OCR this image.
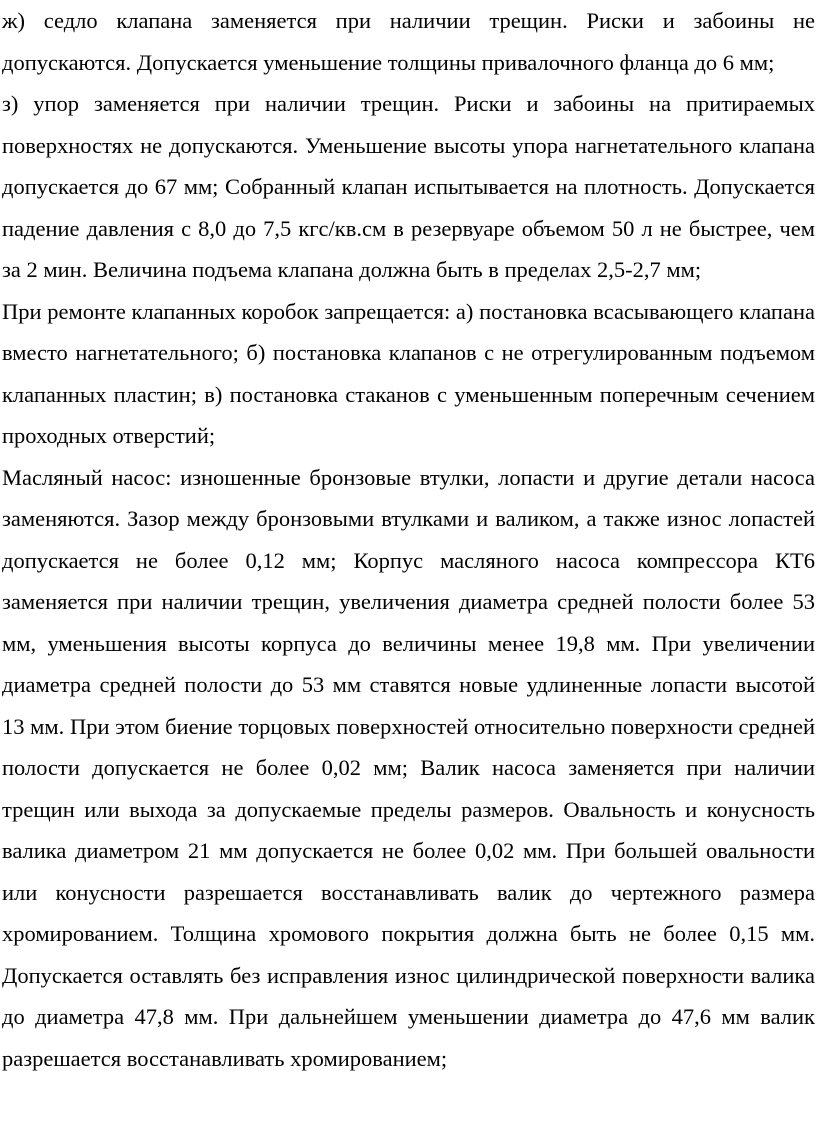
ж) седло клапана заменяется при наличии трещин. Риски и забоины не допускаются. Допускается уменьшение толщины привалочного фланца до 6 мм;

з) упор заменяется при наличии трещин. Риски и забоины на притираемых поверхностях не допускаются. Уменьшение высоты упора нагнетательного клапана допускается до 67 мм; Собранный клапан испытывается на плотность. Допускается падение давления с 8,0 до 7,5 кгс/кв.см в резервуаре объемом 50 л не быстрее, чем за 2 мин. Величина подъема клапана должна быть в пределах 2,5-2,7 мм;

При ремонте клапанных коробок запрещается: а) постановка всасывающего клапана вместо нагнетательного; б) постановка клапанов с не отрегулированным подъемом клапанных пластин; в) постановка стаканов с уменьшенным поперечным сечением проходных отверстий;

Масляный насос: изношенные бронзовые втулки, лопасти и другие детали насоса заменяются. Зазор между бронзовыми втулками и валиком, а также износ лопастей допускается не более 0,12 мм; Корпус масляного насоса компрессора КТ6 заменяется при наличии трещин, увеличения диаметра средней полости более 53 мм, уменьшения высоты корпуса до величины менее 19,8 мм. При увеличении диаметра средней полости до 53 мм ставятся новые удлиненные лопасти высотой 13 мм. При этом биение торцовых поверхностей относительно поверхности средней полости допускается не более 0,02 мм; Валик насоса заменяется при наличии трещин или выхода за допускаемые пределы размеров. Овальность и конусность валика диаметром 21 мм допускается не более 0,02 мм. При большей овальности или конусности разрешается восстанавливать валик до чертежного размера хромированием. Толщина хромового покрытия должна быть не более 0,15 мм.

Допускается оставлять без исправления износ цилиндрической поверхности валика до диаметра 47,8 мм. При дальнейшем уменьшении диаметра до 47,6 мм валик разрешается восстанавливать хромированием;
